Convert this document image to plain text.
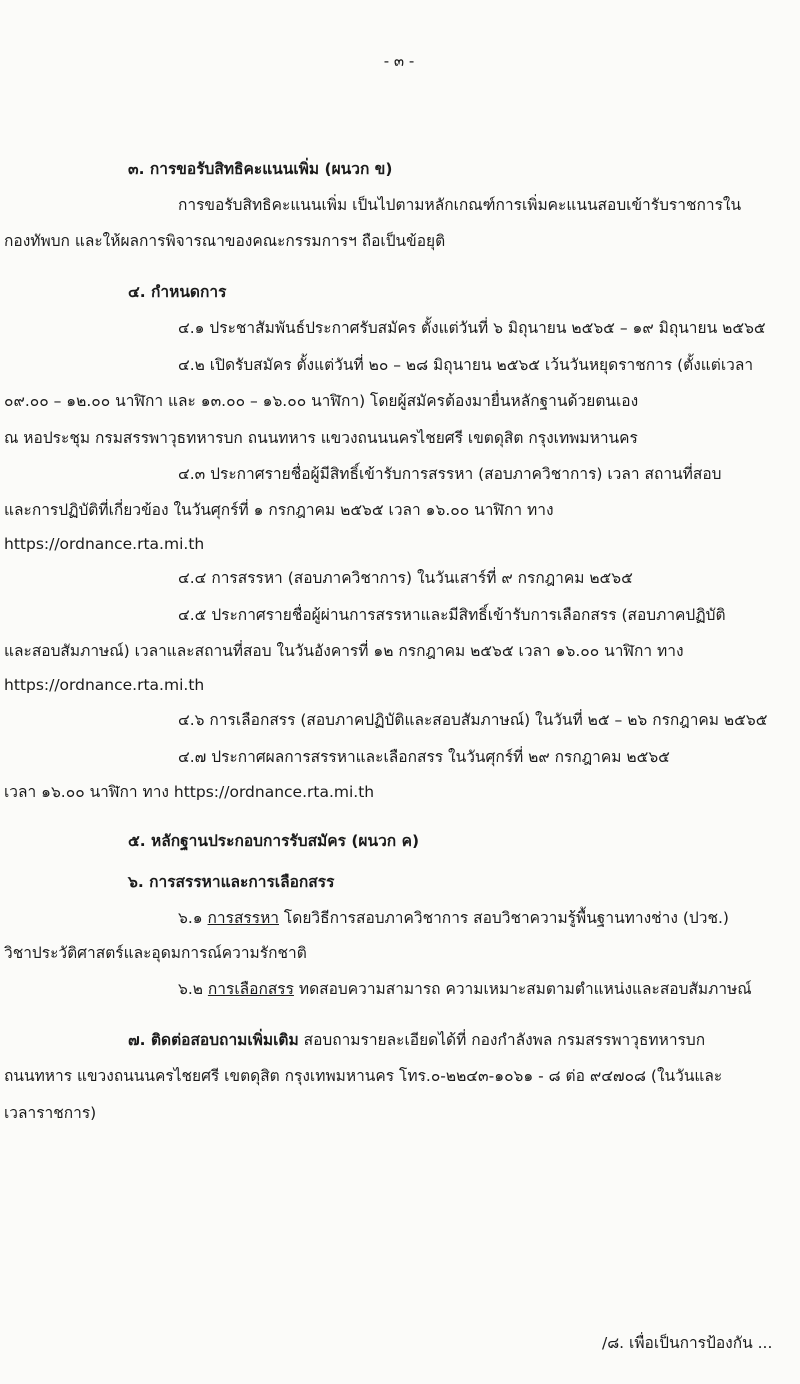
- ๓ -
๓. การขอรับสิทธิคะแนนเพิ่ม (ผนวก ข)
การขอรับสิทธิคะแนนเพิ่ม เป็นไปตามหลักเกณฑ์การเพิ่มคะแนนสอบเข้ารับราชการใน
กองทัพบก และให้ผลการพิจารณาของคณะกรรมการฯ ถือเป็นข้อยุติ
๔. กำหนดการ
๔.๑ ประชาสัมพันธ์ประกาศรับสมัคร ตั้งแต่วันที่ ๖ มิถุนายน ๒๕๖๕ – ๑๙ มิถุนายน ๒๕๖๕
๔.๒ เปิดรับสมัคร ตั้งแต่วันที่ ๒๐ – ๒๘ มิถุนายน ๒๕๖๕ เว้นวันหยุดราชการ (ตั้งแต่เวลา
๐๙.๐๐ – ๑๒.๐๐ นาฬิกา และ ๑๓.๐๐ – ๑๖.๐๐ นาฬิกา) โดยผู้สมัครต้องมายื่นหลักฐานด้วยตนเอง
ณ หอประชุม กรมสรรพาวุธทหารบก ถนนทหาร แขวงถนนนครไชยศรี เขตดุสิต กรุงเทพมหานคร
๔.๓ ประกาศรายชื่อผู้มีสิทธิ์เข้ารับการสรรหา (สอบภาควิชาการ) เวลา สถานที่สอบ
และการปฏิบัติที่เกี่ยวข้อง ในวันศุกร์ที่ ๑ กรกฎาคม ๒๕๖๕ เวลา ๑๖.๐๐ นาฬิกา ทาง
https://ordnance.rta.mi.th
๔.๔ การสรรหา (สอบภาควิชาการ) ในวันเสาร์ที่ ๙ กรกฎาคม ๒๕๖๕
๔.๕ ประกาศรายชื่อผู้ผ่านการสรรหาและมีสิทธิ์เข้ารับการเลือกสรร (สอบภาคปฏิบัติ
และสอบสัมภาษณ์) เวลาและสถานที่สอบ ในวันอังคารที่ ๑๒ กรกฎาคม ๒๕๖๕ เวลา ๑๖.๐๐ นาฬิกา ทาง
https://ordnance.rta.mi.th
๔.๖ การเลือกสรร (สอบภาคปฏิบัติและสอบสัมภาษณ์) ในวันที่ ๒๕ – ๒๖ กรกฎาคม ๒๕๖๕
๔.๗ ประกาศผลการสรรหาและเลือกสรร ในวันศุกร์ที่ ๒๙ กรกฎาคม ๒๕๖๕
เวลา ๑๖.๐๐ นาฬิกา ทาง https://ordnance.rta.mi.th
๕. หลักฐานประกอบการรับสมัคร (ผนวก ค)
๖. การสรรหาและการเลือกสรร
๖.๑ การสรรหา โดยวิธีการสอบภาควิชาการ สอบวิชาความรู้พื้นฐานทางช่าง (ปวช.)
วิชาประวัติศาสตร์และอุดมการณ์ความรักชาติ
๖.๒ การเลือกสรร ทดสอบความสามารถ ความเหมาะสมตามตำแหน่งและสอบสัมภาษณ์
๗. ติดต่อสอบถามเพิ่มเติม สอบถามรายละเอียดได้ที่ กองกำลังพล กรมสรรพาวุธทหารบก
ถนนทหาร แขวงถนนนครไชยศรี เขตดุสิต กรุงเทพมหานคร โทร.๐-๒๒๔๓-๑๐๖๑ - ๘ ต่อ ๙๔๗๐๘ (ในวันและ
เวลาราชการ)
/๘. เพื่อเป็นการป้องกัน ...
